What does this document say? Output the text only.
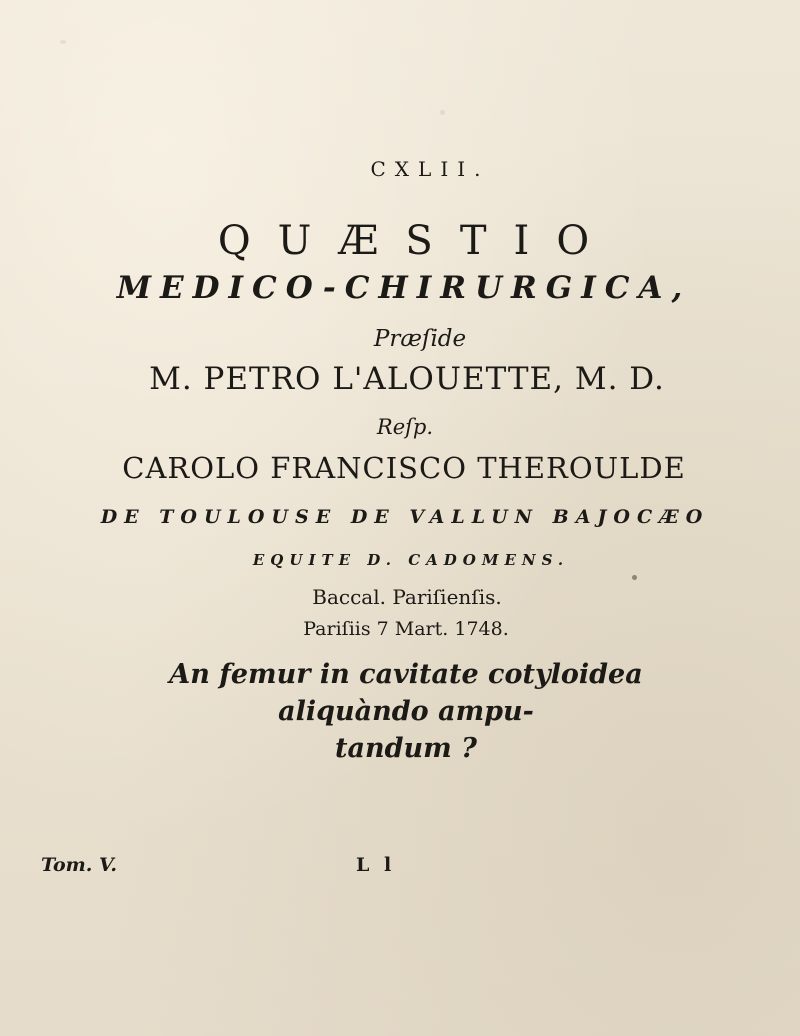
CXLII.
QUÆSTIO
MEDICO-CHIRURGICA,
Præſide
M. PETRO L'ALOUETTE, M. D.
Reſp.
CAROLO FRANCISCO THEROULDE
DE TOULOUSE DE VALLUN BAJOCÆO
EQUITE D. CADOMENS.
Baccal. Pariſienſis.
Pariſiis 7 Mart. 1748.
An femur in cavitate cotyloidea aliquàndo ampu-
tandum ?
Tom. V.	L l
